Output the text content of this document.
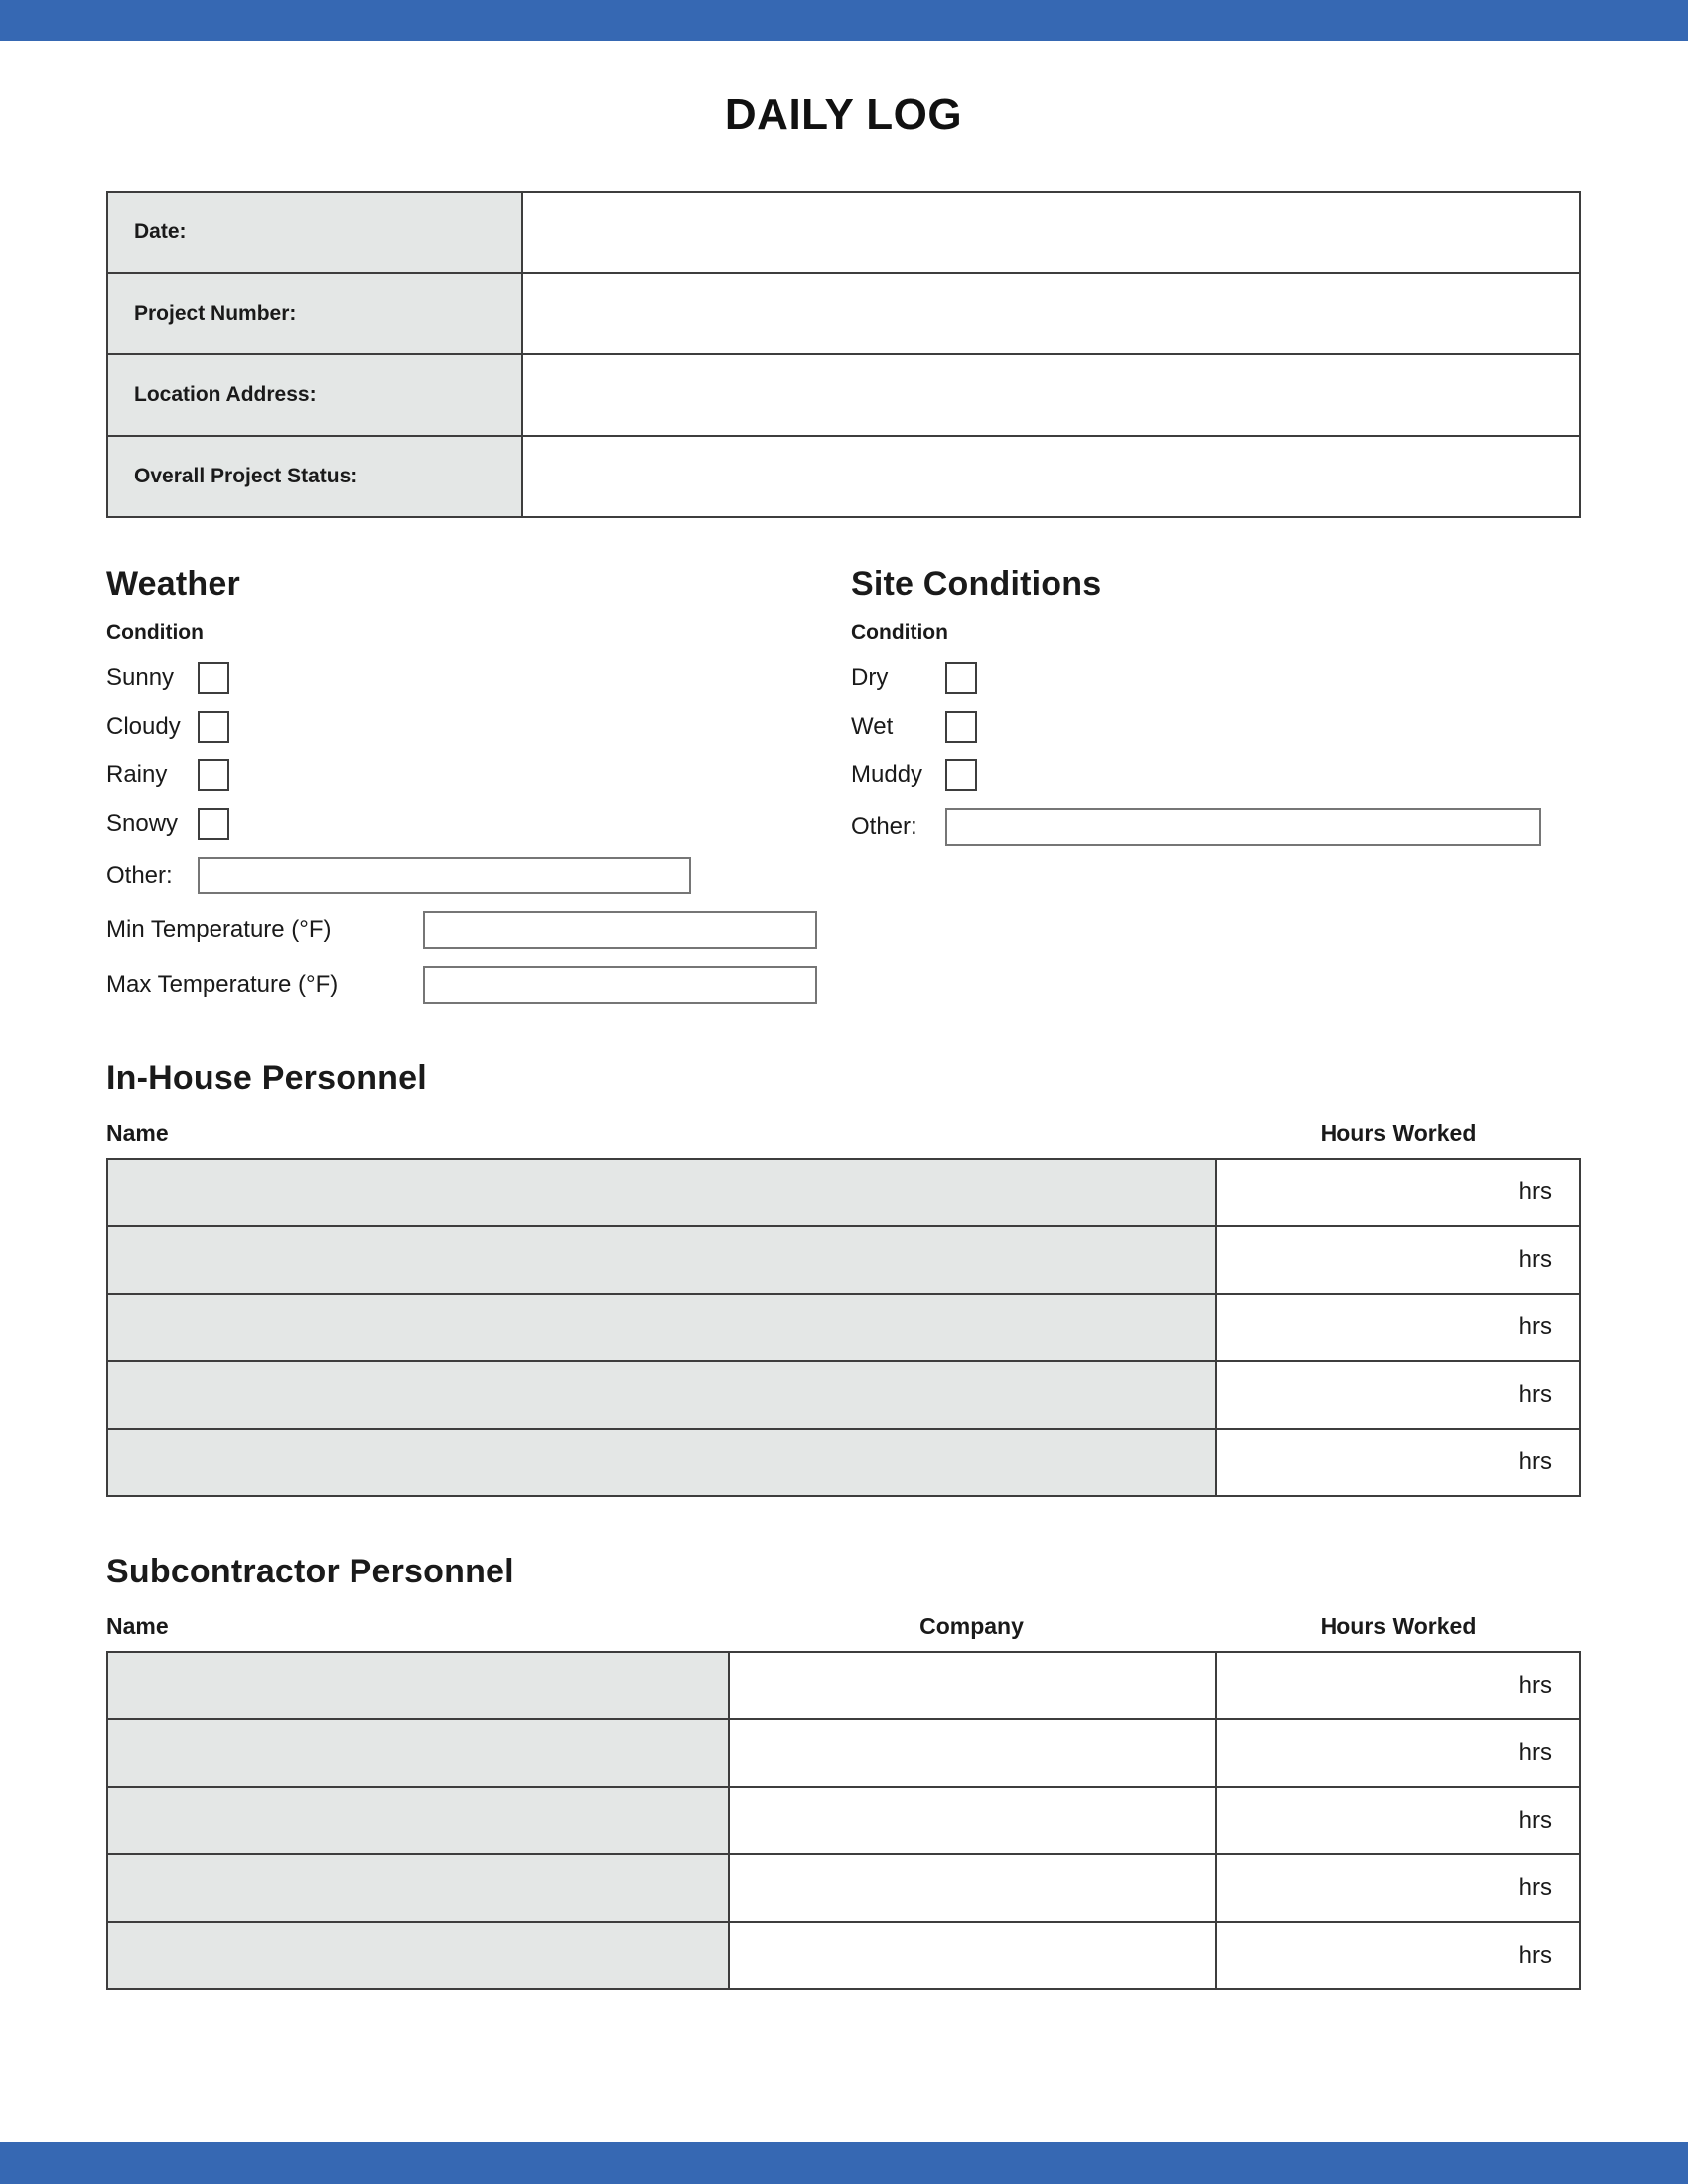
DAILY LOG
Date:	
Project Number:	
Location Address:	
Overall Project Status:	
Weather
Condition
Sunny
Cloudy
Rainy
Snowy
Other:
Min Temperature (°F)
Max Temperature (°F)
Site Conditions
Condition
Dry
Wet
Muddy
Other:
In-House Personnel
Name	Hours Worked
	hrs
	hrs
	hrs
	hrs
	hrs
Subcontractor Personnel
Name	Company	Hours Worked
		hrs
		hrs
		hrs
		hrs
		hrs
